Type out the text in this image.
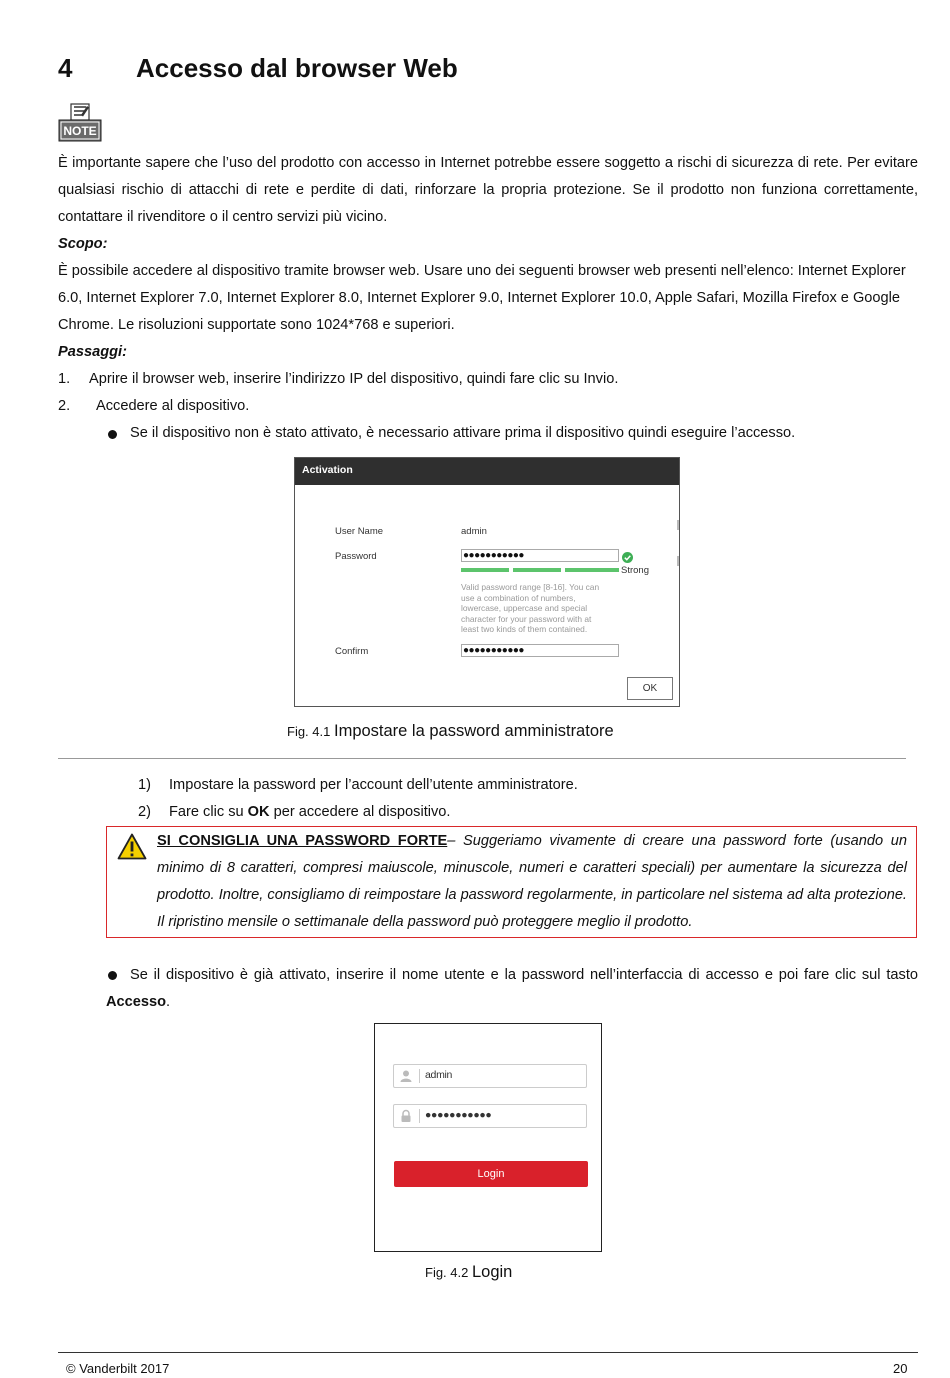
4 Accesso dal browser Web
NOTE
È importante sapere che l’uso del prodotto con accesso in Internet potrebbe essere soggetto a rischi di sicurezza di rete. Per evitare qualsiasi rischio di attacchi di rete e perdite di dati, rinforzare la propria protezione. Se il prodotto non funziona correttamente, contattare il rivenditore o il centro servizi più vicino.
Scopo:
È possibile accedere al dispositivo tramite browser web. Usare uno dei seguenti browser web presenti nell’elenco: Internet Explorer 6.0, Internet Explorer 7.0, Internet Explorer 8.0, Internet Explorer 9.0, Internet Explorer 10.0, Apple Safari, Mozilla Firefox e Google Chrome. Le risoluzioni supportate sono 1024*768 e superiori.
Passaggi:
1. Aprire il browser web, inserire l’indirizzo IP del dispositivo, quindi fare clic su Invio.
2. Accedere al dispositivo.
Se il dispositivo non è stato attivato, è necessario attivare prima il dispositivo quindi eseguire l’accesso.
Activation
User Name	admin
Password	●●●●●●●●●●●
Strong
Valid password range [8-16]. You can use a combination of numbers, lowercase, uppercase and special character for your password with at least two kinds of them contained.
Confirm	●●●●●●●●●●●
OK
Fig. 4.1 Impostare la password amministratore
1) Impostare la password per l’account dell’utente amministratore.
2) Fare clic su OK per accedere al dispositivo.
SI CONSIGLIA UNA PASSWORD FORTE– Suggeriamo vivamente di creare una password forte (usando un minimo di 8 caratteri, compresi maiuscole, minuscole, numeri e caratteri speciali) per aumentare la sicurezza del prodotto. Inoltre, consigliamo di reimpostare la password regolarmente, in particolare nel sistema ad alta protezione. Il ripristino mensile o settimanale della password può proteggere meglio il prodotto.
Se il dispositivo è già attivato, inserire il nome utente e la password nell’interfaccia di accesso e poi fare clic sul tasto Accesso.
admin
●●●●●●●●●●●
Login
Fig. 4.2 Login
© Vanderbilt 2017	20
